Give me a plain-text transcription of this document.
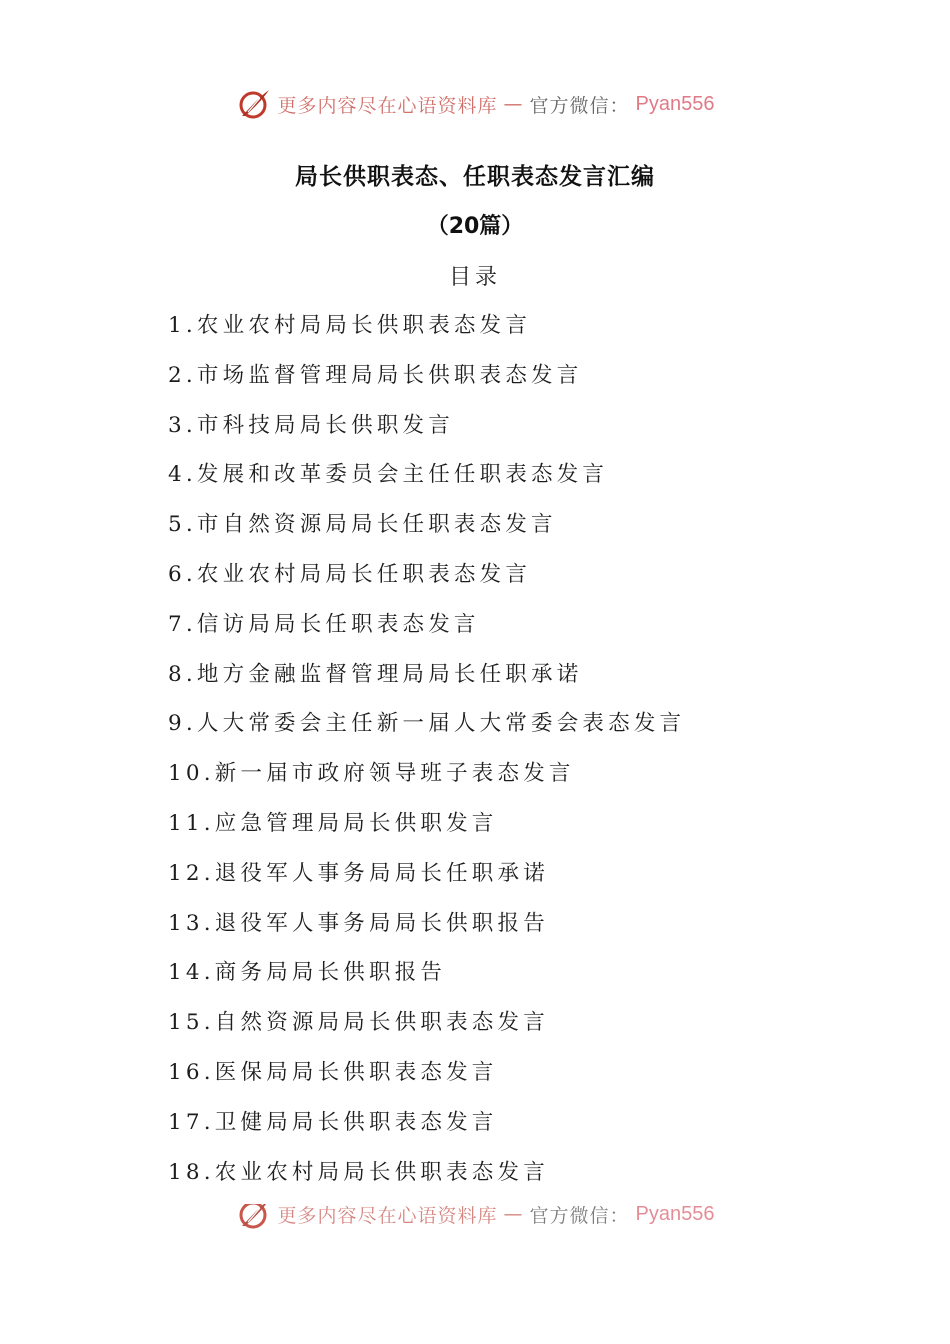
更多内容尽在心语资料库 — 官方微信： Pyan556
局长供职表态、任职表态发言汇编
（20篇）
目录
1.农业农村局局长供职表态发言
2.市场监督管理局局长供职表态发言
3.市科技局局长供职发言
4.发展和改革委员会主任任职表态发言
5.市自然资源局局长任职表态发言
6.农业农村局局长任职表态发言
7.信访局局长任职表态发言
8.地方金融监督管理局局长任职承诺
9.人大常委会主任新一届人大常委会表态发言
10.新一届市政府领导班子表态发言
11.应急管理局局长供职发言
12.退役军人事务局局长任职承诺
13.退役军人事务局局长供职报告
14.商务局局长供职报告
15.自然资源局局长供职表态发言
16.医保局局长供职表态发言
17.卫健局局长供职表态发言
18.农业农村局局长供职表态发言
更多内容尽在心语资料库 — 官方微信： Pyan556
